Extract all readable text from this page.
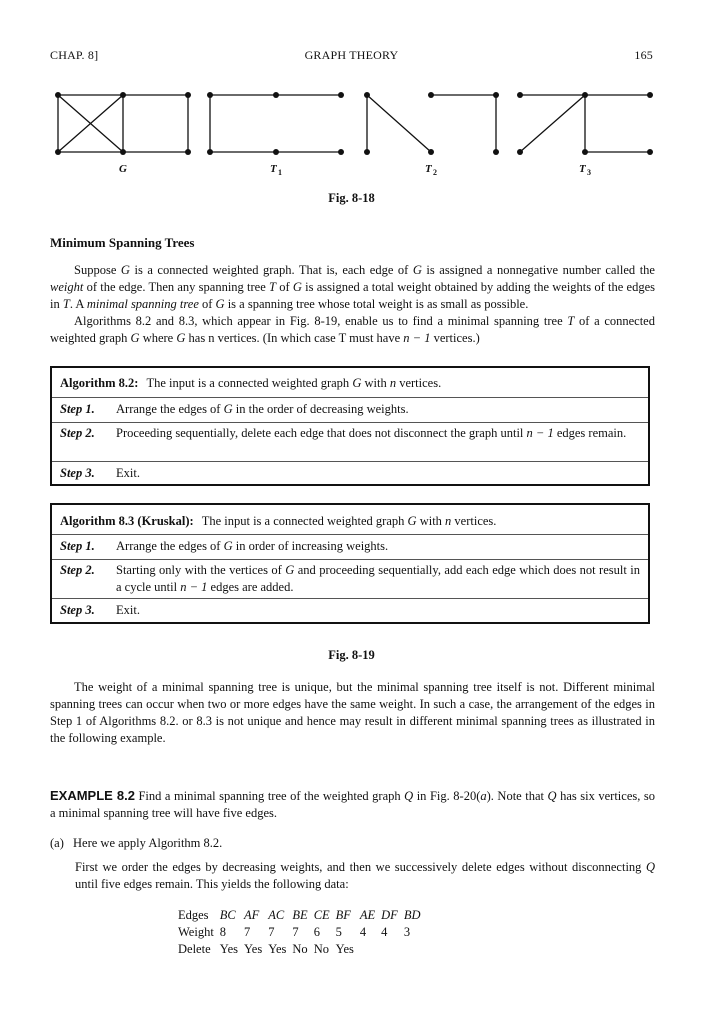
CHAP. 8]	GRAPH THEORY	165
G	T 1	T 2	T 3
Fig. 8-18
Minimum Spanning Trees

Suppose G is a connected weighted graph. That is, each edge of G is assigned a nonnegative number called the weight of the edge. Then any spanning tree T of G is assigned a total weight obtained by adding the weights of the edges in T. A minimal spanning tree of G is a spanning tree whose total weight is as small as possible.

Algorithms 8.2 and 8.3, which appear in Fig. 8-19, enable us to find a minimal spanning tree T of a connected weighted graph G where G has n vertices. (In which case T must have n − 1 vertices.)

Algorithm 8.2: The input is a connected weighted graph G with n vertices.
Step 1.	Arrange the edges of G in the order of decreasing weights.
Step 2.	Proceeding sequentially, delete each edge that does not disconnect the graph until n − 1 edges remain.
Step 3.	Exit.
Algorithm 8.3 (Kruskal): The input is a connected weighted graph G with n vertices.
Step 1.	Arrange the edges of G in order of increasing weights.
Step 2.	Starting only with the vertices of G and proceeding sequentially, add each edge which does not result in a cycle until n − 1 edges are added.
Step 3.	Exit.
Fig. 8-19

The weight of a minimal spanning tree is unique, but the minimal spanning tree itself is not. Different minimal spanning trees can occur when two or more edges have the same weight. In such a case, the arrangement of the edges in Step 1 of Algorithms 8.2. or 8.3 is not unique and hence may result in different minimal spanning trees as illustrated in the following example.

EXAMPLE 8.2 Find a minimal spanning tree of the weighted graph Q in Fig. 8-20(a). Note that Q has six vertices, so a minimal spanning tree will have five edges.
(a) Here we apply Algorithm 8.2.
First we order the edges by decreasing weights, and then we successively delete edges without disconnecting Q until five edges remain. This yields the following data:
Edges	BC	AF	AC	BE	CE	BF	AE	DF	BD
Weight	8	7	7	7	6	5	4	4	3
Delete	Yes	Yes	Yes	No	No	Yes			
